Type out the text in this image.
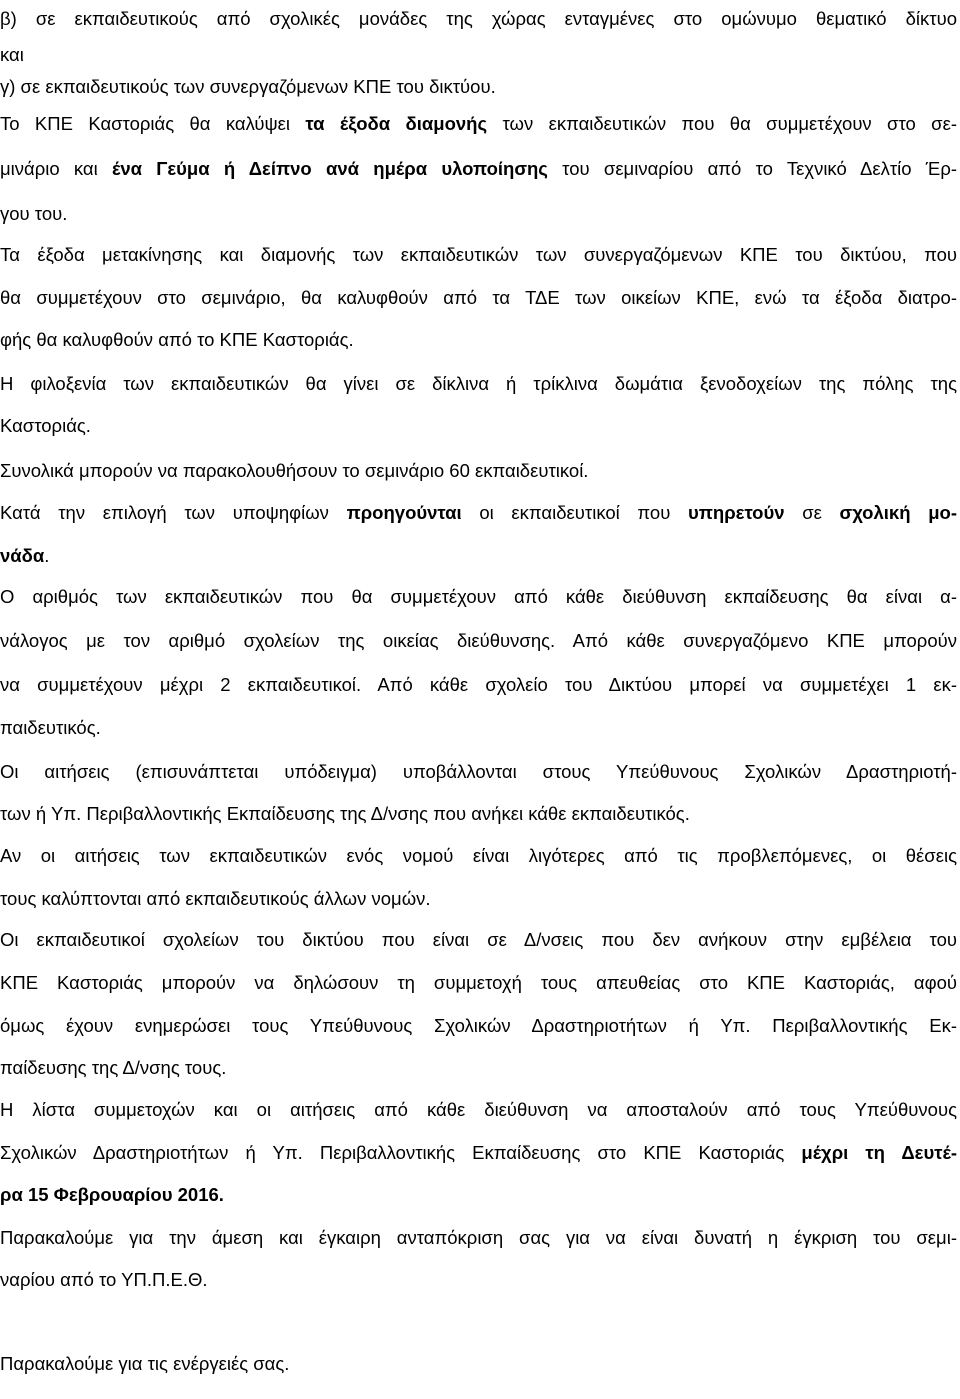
β) σε εκπαιδευτικούς από σχολικές μονάδες της χώρας ενταγμένες στο ομώνυμο θεματικό δίκτυο
και
γ) σε εκπαιδευτικούς των συνεργαζόμενων ΚΠΕ του δικτύου.
Το ΚΠΕ Καστοριάς θα καλύψει τα έξοδα διαμονής των εκπαιδευτικών που θα συμμετέχουν στο σε-
μινάριο και ένα Γεύμα ή Δείπνο ανά ημέρα υλοποίησης του σεμιναρίου από το Τεχνικό Δελτίο Έρ-
γου του.
Τα έξοδα μετακίνησης και διαμονής των εκπαιδευτικών των συνεργαζόμενων ΚΠΕ του δικτύου, που
θα συμμετέχουν στο σεμινάριο, θα καλυφθούν από τα ΤΔΕ των οικείων ΚΠΕ, ενώ τα έξοδα διατρο-
φής θα καλυφθούν από το ΚΠΕ Καστοριάς.
Η φιλοξενία των εκπαιδευτικών θα γίνει σε δίκλινα ή τρίκλινα δωμάτια ξενοδοχείων της πόλης της
Καστοριάς.
Συνολικά μπορούν να παρακολουθήσουν το σεμινάριο 60 εκπαιδευτικοί.
Κατά την επιλογή των υποψηφίων προηγούνται οι εκπαιδευτικοί που υπηρετούν σε σχολική μο-
νάδα.
Ο αριθμός των εκπαιδευτικών που θα συμμετέχουν από κάθε διεύθυνση εκπαίδευσης θα είναι α-
νάλογος με τον αριθμό σχολείων της οικείας διεύθυνσης. Από κάθε συνεργαζόμενο ΚΠΕ μπορούν
να συμμετέχουν μέχρι 2 εκπαιδευτικοί. Από κάθε σχολείο του Δικτύου μπορεί να συμμετέχει 1 εκ-
παιδευτικός.
Οι αιτήσεις (επισυνάπτεται υπόδειγμα) υποβάλλονται στους Υπεύθυνους Σχολικών Δραστηριοτή-
των ή Υπ. Περιβαλλοντικής Εκπαίδευσης της Δ/νσης που ανήκει κάθε εκπαιδευτικός.
Αν οι αιτήσεις των εκπαιδευτικών ενός νομού είναι λιγότερες από τις προβλεπόμενες, οι θέσεις
τους καλύπτονται από εκπαιδευτικούς άλλων νομών.
Οι εκπαιδευτικοί σχολείων του δικτύου που είναι σε Δ/νσεις που δεν ανήκουν στην εμβέλεια του
ΚΠΕ Καστοριάς μπορούν να δηλώσουν τη συμμετοχή τους απευθείας στο ΚΠΕ Καστοριάς, αφού
όμως έχουν ενημερώσει τους Υπεύθυνους Σχολικών Δραστηριοτήτων ή Υπ. Περιβαλλοντικής Εκ-
παίδευσης της Δ/νσης τους.
Η λίστα συμμετοχών και οι αιτήσεις από κάθε διεύθυνση να αποσταλούν από τους Υπεύθυνους
Σχολικών Δραστηριοτήτων ή Υπ. Περιβαλλοντικής Εκπαίδευσης στο ΚΠΕ Καστοριάς μέχρι τη Δευτέ-
ρα 15 Φεβρουαρίου 2016.
Παρακαλούμε για την άμεση και έγκαιρη ανταπόκριση σας για να είναι δυνατή η έγκριση του σεμι-
ναρίου από το ΥΠ.Π.Ε.Θ.
Παρακαλούμε για τις ενέργειές σας.
